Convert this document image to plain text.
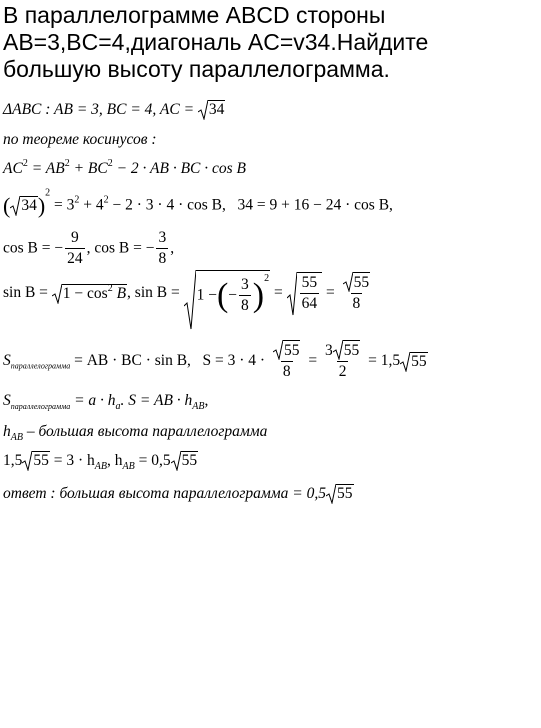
В параллелограмме ABCD стороны
AB=3,BC=4,диагональ AC=v34.Найдите
большую высоту параллелограмма.
ΔABC : AB = 3, BC = 4, AC = 34
по теореме косинусов :
$AC^2 = AB^2 + BC^2 - 2$ · AB · BC · cos B
( $34)^2 = 3^2 + 4^2 - 2 \cdot 3 \cdot 4 \cdot \cos B$, 34 = 9 + 16 − 24 · cos B,
cos B = − $\frac{9}{24}$ , cos B = − $\frac{3}{8}$ ,
$\sin B = 1 - \cos^2 B$, sin B = 1 −(− $\frac{3}{8} )^2 = \frac{55}{64} = \frac{55}{8}$
$S_{параллелограмма}$ = AB · BC · sin B, $S = 3 \cdot 4 \cdot \frac{55}{8} = \frac{3 55}{2} = 1,5$ 55
$S_{параллелограмма} = a \cdot h_a$. S = AB · $h_{AB}$,
$h_{AB}$ – большая высота параллелограмма
1,5 $55 = 3 \cdot h_{AB}$, $h_{AB} = 0,5$ 55
ответ : большая высота параллелограмма = 0,5 55
